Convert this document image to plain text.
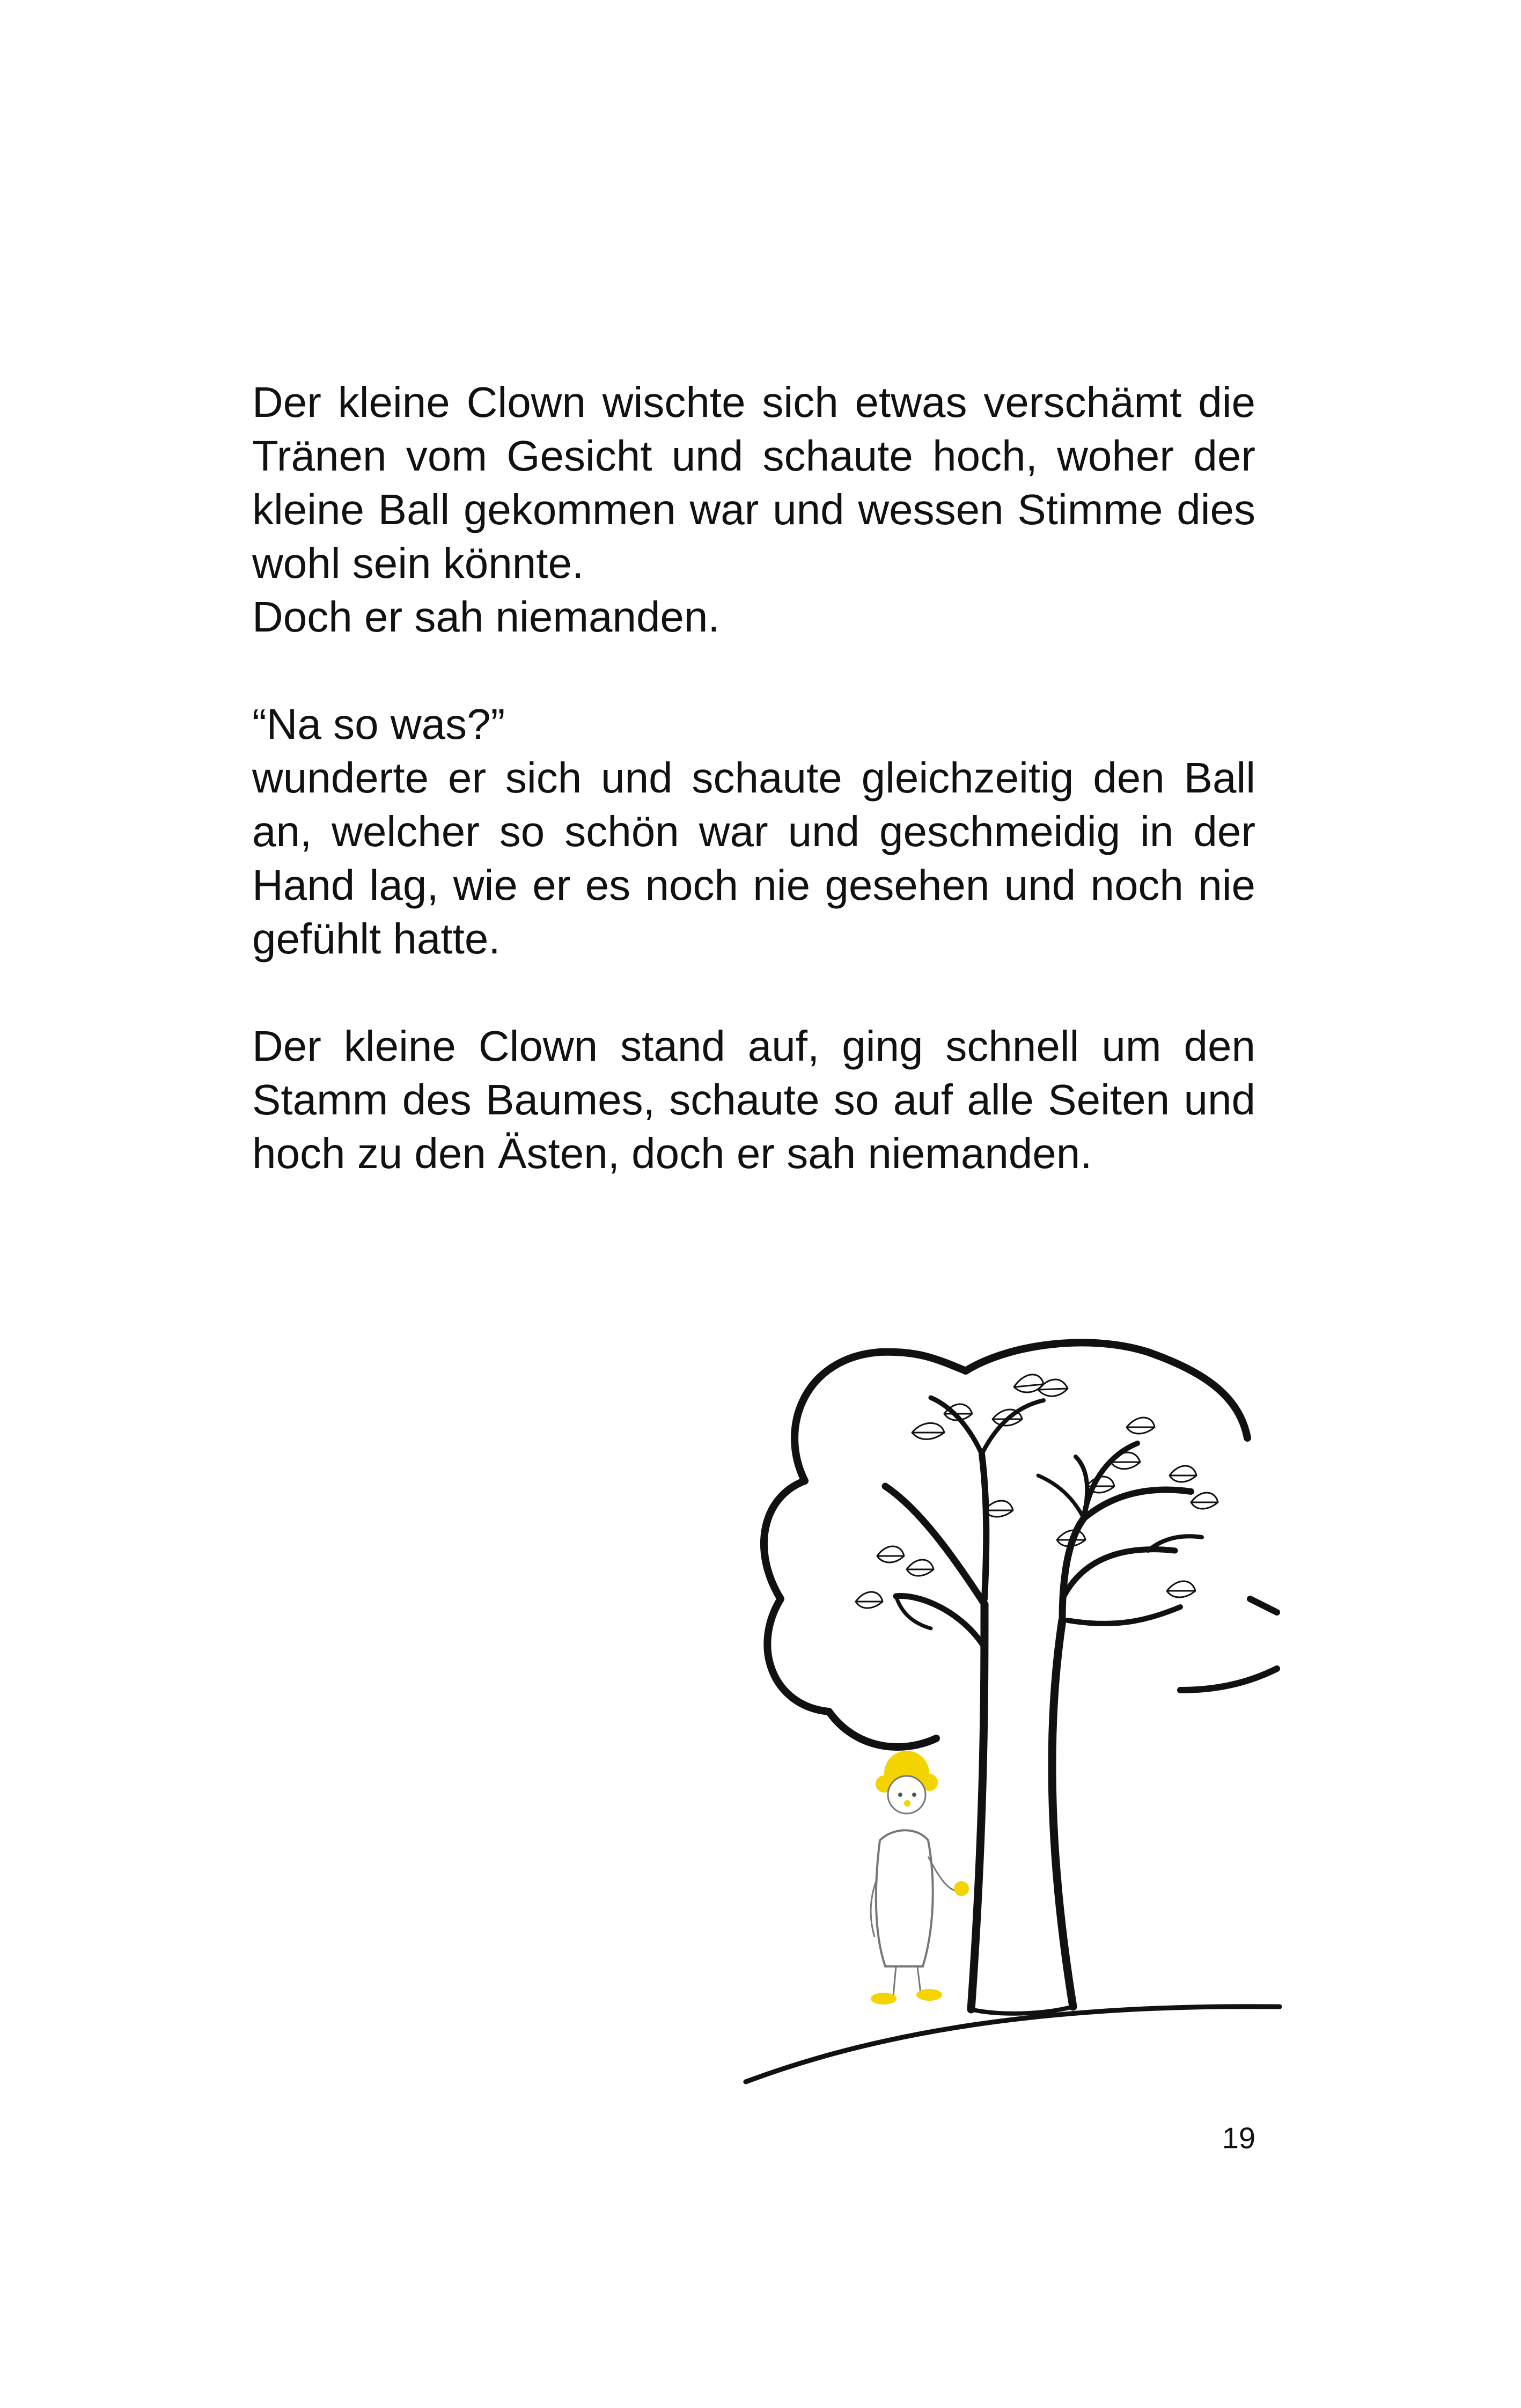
Der kleine Clown wischte sich etwas verschämt die Tränen vom Gesicht und schaute hoch, woher der kleine Ball gekommen war und wessen Stimme dies wohl sein könnte.

Doch er sah niemanden.

“Na so was?”

wunderte er sich und schaute gleichzeitig den Ball an, welcher so schön war und geschmeidig in der Hand lag, wie er es noch nie gesehen und noch nie gefühlt hatte.

Der kleine Clown stand auf, ging schnell um den Stamm des Baumes, schaute so auf alle Seiten und hoch zu den Ästen, doch er sah niemanden.

19
